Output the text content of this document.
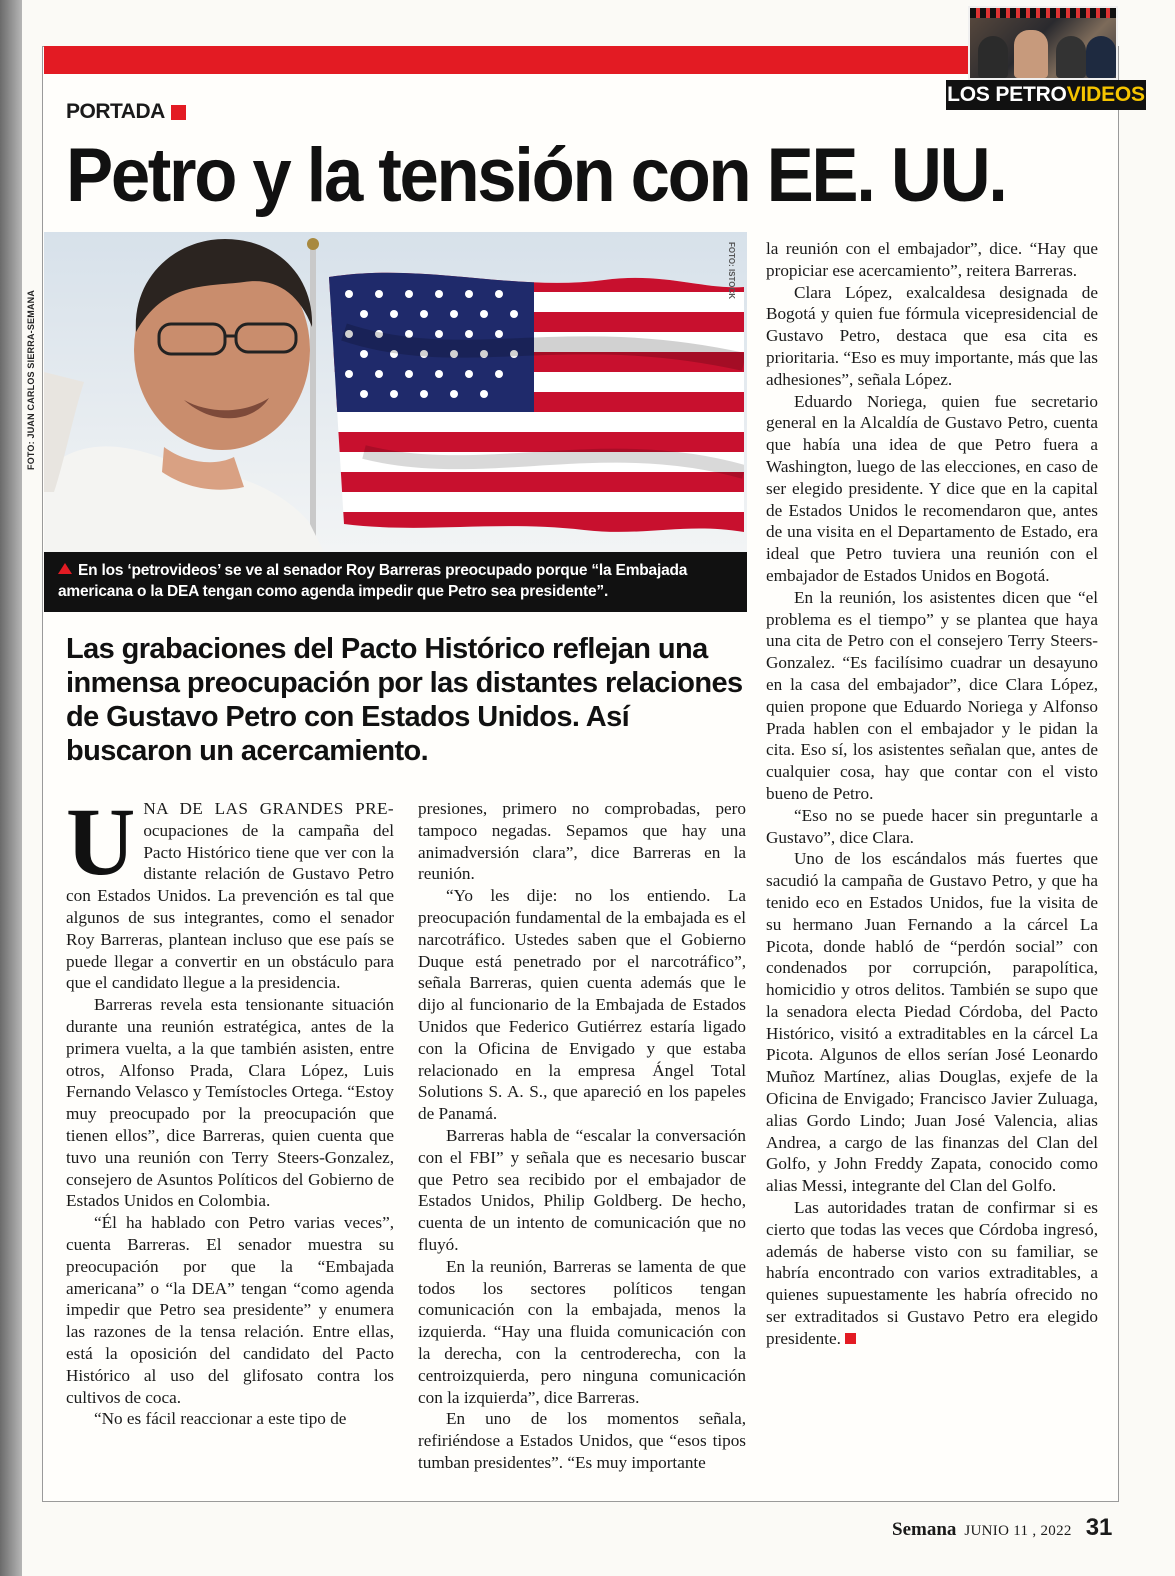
LOS PETRO VIDEOS
PORTADA
Petro y la tensión con EE. UU.
FOTO: JUAN CARLOS SIERRA-SEMANA
FOTO: ISTOCK
En los ‘petrovideos’ se ve al senador Roy Barreras preocupado porque “la Embajada americana o la DEA tengan como agenda impedir que Petro sea presidente”.
Las grabaciones del Pacto Histórico reflejan una inmensa preocupación por las distantes relaciones de Gustavo Petro con Estados Unidos. Así buscaron un acercamiento.
U NA DE LAS GRANDES PRE- ocupaciones de la campaña del Pacto Histórico tiene que ver con la distante relación de Gustavo Petro con Estados Unidos. La prevención es tal que algunos de sus integrantes, como el senador Roy Barreras, plantean incluso que ese país se puede llegar a convertir en un obstáculo para que el candidato llegue a la presidencia.

Barreras revela esta tensionante situación durante una reunión estratégica, antes de la primera vuelta, a la que también asisten, entre otros, Alfonso Prada, Clara López, Luis Fernando Velasco y Temístocles Ortega. “Estoy muy preocupado por la preocupación que tienen ellos”, dice Barreras, quien cuenta que tuvo una reunión con Terry Steers-Gonzalez, consejero de Asuntos Políticos del Gobierno de Estados Unidos en Colombia.

“Él ha hablado con Petro varias veces”, cuenta Barreras. El senador muestra su preocupación por que la “Embajada americana” o “la DEA” tengan “como agenda impedir que Petro sea presidente” y enumera las razones de la tensa relación. Entre ellas, está la oposición del candidato del Pacto Histórico al uso del glifosato contra los cultivos de coca.

“No es fácil reaccionar a este tipo de

presiones, primero no comprobadas, pero tampoco negadas. Sepamos que hay una animadversión clara”, dice Barreras en la reunión.

“Yo les dije: no los entiendo. La preocupación fundamental de la embajada es el narcotráfico. Ustedes saben que el Gobierno Duque está penetrado por el narcotráfico”, señala Barreras, quien cuenta además que le dijo al funcionario de la Embajada de Estados Unidos que Federico Gutiérrez estaría ligado con la Oficina de Envigado y que estaba relacionado en la empresa Ángel Total Solutions S. A. S., que apareció en los papeles de Panamá.

Barreras habla de “escalar la conversación con el FBI” y señala que es necesario buscar que Petro sea recibido por el embajador de Estados Unidos, Philip Goldberg. De hecho, cuenta de un intento de comunicación que no fluyó.

En la reunión, Barreras se lamenta de que todos los sectores políticos tengan comunicación con la embajada, menos la izquierda. “Hay una fluida comunicación con la derecha, con la centroderecha, con la centroizquierda, pero ninguna comunicación con la izquierda”, dice Barreras.

En uno de los momentos señala, refiriéndose a Estados Unidos, que “esos tipos tumban presidentes”. “Es muy importante

la reunión con el embajador”, dice. “Hay que propiciar ese acercamiento”, reitera Barreras.

Clara López, exalcaldesa designada de Bogotá y quien fue fórmula vicepresidencial de Gustavo Petro, destaca que esa cita es prioritaria. “Eso es muy importante, más que las adhesiones”, señala López.

Eduardo Noriega, quien fue secretario general en la Alcaldía de Gustavo Petro, cuenta que había una idea de que Petro fuera a Washington, luego de las elecciones, en caso de ser elegido presidente. Y dice que en la capital de Estados Unidos le recomendaron que, antes de una visita en el Departamento de Estado, era ideal que Petro tuviera una reunión con el embajador de Estados Unidos en Bogotá.

En la reunión, los asistentes dicen que “el problema es el tiempo” y se plantea que haya una cita de Petro con el consejero Terry Steers-Gonzalez. “Es facilísimo cuadrar un desayuno en la casa del embajador”, dice Clara López, quien propone que Eduardo Noriega y Alfonso Prada hablen con el embajador y le pidan la cita. Eso sí, los asistentes señalan que, antes de cualquier cosa, hay que contar con el visto bueno de Petro.

“Eso no se puede hacer sin preguntarle a Gustavo”, dice Clara.

Uno de los escándalos más fuertes que sacudió la campaña de Gustavo Petro, y que ha tenido eco en Estados Unidos, fue la visita de su hermano Juan Fernando a la cárcel La Picota, donde habló de “perdón social” con condenados por corrupción, parapolítica, homicidio y otros delitos. También se supo que la senadora electa Piedad Córdoba, del Pacto Histórico, visitó a extraditables en la cárcel La Picota. Algunos de ellos serían José Leonardo Muñoz Martínez, alias Douglas, exjefe de la Oficina de Envigado; Francisco Javier Zuluaga, alias Gordo Lindo; Juan José Valencia, alias Andrea, a cargo de las finanzas del Clan del Golfo, y John Freddy Zapata, conocido como alias Messi, integrante del Clan del Golfo.

Las autoridades tratan de confirmar si es cierto que todas las veces que Córdoba ingresó, además de haberse visto con su familiar, se habría encontrado con varios extraditables, a quienes supuestamente les habría ofrecido no ser extraditados si Gustavo Petro era elegido presidente.

Semana JUNIO 11 , 2022 31
